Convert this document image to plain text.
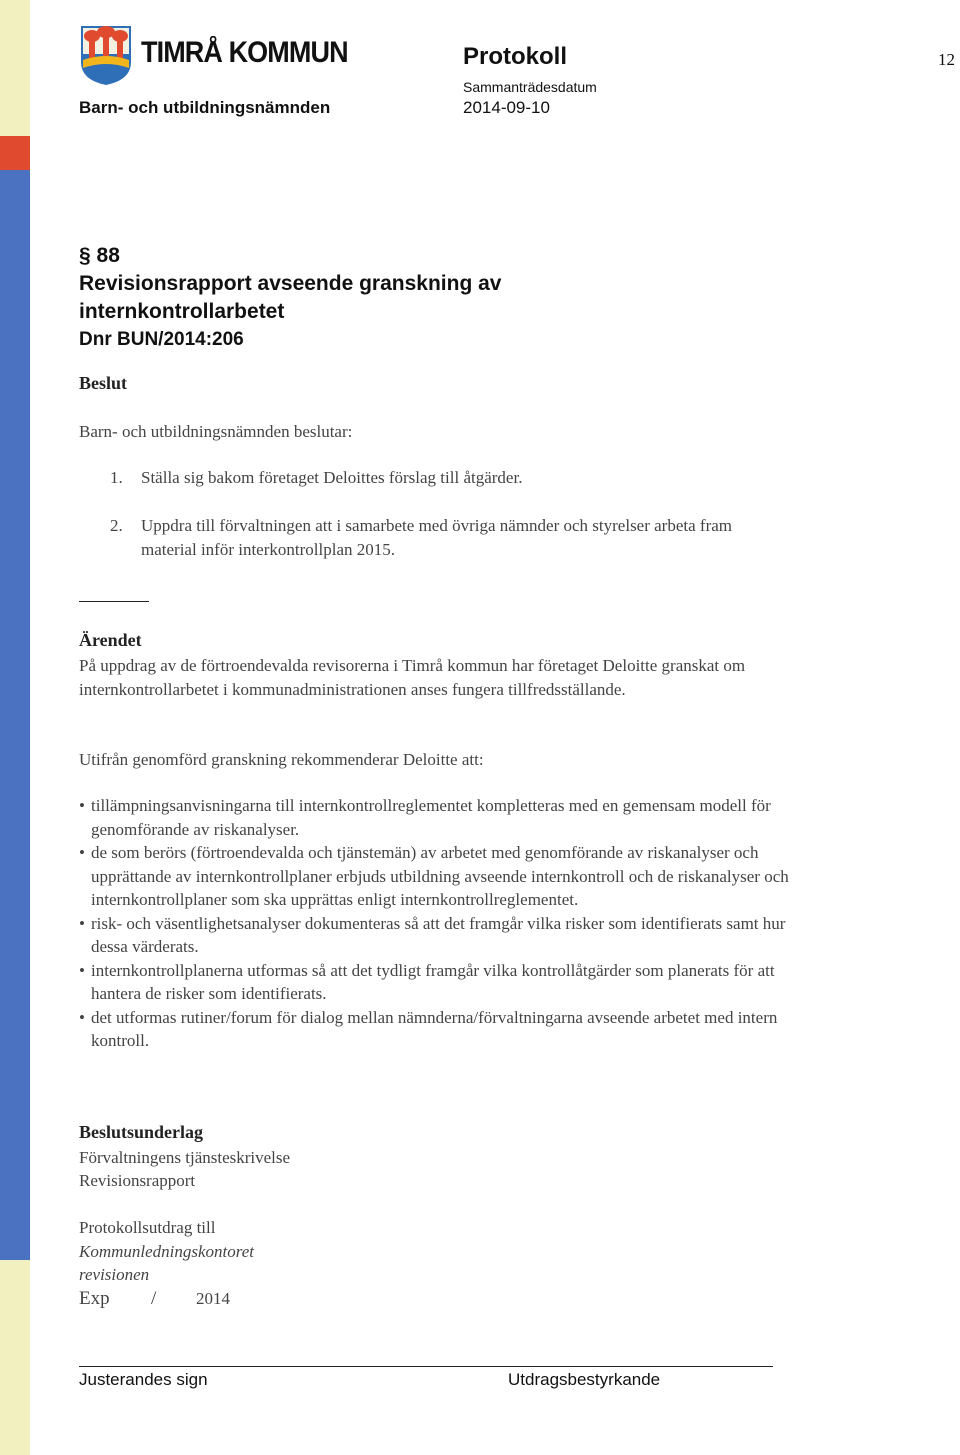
TIMRÅ KOMMUN	Protokoll	12
Sammanträdesdatum
Barn- och utbildningsnämnden	2014-09-10
§ 88
Revisionsrapport avseende granskning av
internkontrollarbetet
Dnr BUN/2014:206
Beslut
Barn- och utbildningsnämnden beslutar:
1. Ställa sig bakom företaget Deloittes förslag till åtgärder.
2. Uppdra till förvaltningen att i samarbete med övriga nämnder och styrelser arbeta fram material inför interkontrollplan 2015.
Ärendet
På uppdrag av de förtroendevalda revisorerna i Timrå kommun har företaget Deloitte granskat om internkontrollarbetet i kommunadministrationen anses fungera tillfredsställande.
Utifrån genomförd granskning rekommenderar Deloitte att:
• tillämpningsanvisningarna till internkontrollreglementet kompletteras med en gemensam modell för genomförande av riskanalyser.
• de som berörs (förtroendevalda och tjänstemän) av arbetet med genomförande av riskanalyser och upprättande av internkontrollplaner erbjuds utbildning avseende internkontroll och de riskanalyser och internkontrollplaner som ska upprättas enligt internkontrollreglementet.
• risk- och väsentlighetsanalyser dokumenteras så att det framgår vilka risker som identifierats samt hur dessa värderats.
• internkontrollplanerna utformas så att det tydligt framgår vilka kontrollåtgärder som planerats för att hantera de risker som identifierats.
• det utformas rutiner/forum för dialog mellan nämnderna/förvaltningarna avseende arbetet med intern kontroll.
Beslutsunderlag
Förvaltningens tjänsteskrivelse
Revisionsrapport
Protokollsutdrag till
Kommunledningskontoret
revisionen
Exp / 2014
Justerandes sign	Utdragsbestyrkande
